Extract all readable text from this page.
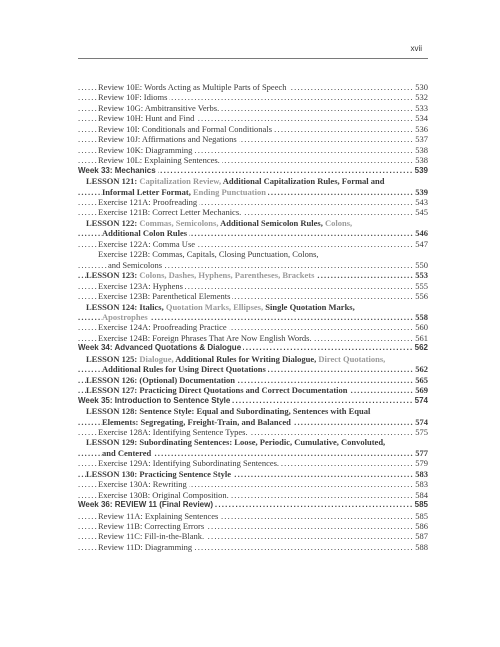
xvii
Review 10E: Words Acting as Multiple Parts of Speech	530
.....
Review 10F: Idioms	532
.....
Review 10G: Ambitransitive Verbs.	533
.....
Review 10H: Hunt and Find	534
.....
Review 10I: Conditionals and Formal Conditionals	536
.....
Review 10J: Affirmations and Negations	537
.....
Review 10K: Diagramming	538
.....
Review 10L: Explaining Sentences.	538
.....
Week 33: Mechanics	539
.....
LESSON 121: Capitalization Review, Additional Capitalization Rules, Formal and
Informal Letter Format, Ending Punctuation	539
.....
Exercise 121A: Proofreading	543
.....
Exercise 121B: Correct Letter Mechanics.	545
.....
LESSON 122: Commas, Semicolons, Additional Semicolon Rules, Colons,
Additional Colon Rules	546
.....
Exercise 122A: Comma Use	547
.....
Exercise 122B: Commas, Capitals, Closing Punctuation, Colons,
and Semicolons	550
.....
LESSON 123: Colons, Dashes, Hyphens, Parentheses, Brackets	553
.....
Exercise 123A: Hyphens	555
.....
Exercise 123B: Parenthetical Elements	556
.....
LESSON 124: Italics, Quotation Marks, Ellipses, Single Quotation Marks,
Apostrophes	558
.....
Exercise 124A: Proofreading Practice	560
.....
Exercise 124B: Foreign Phrases That Are Now English Words.	561
.....
Week 34: Advanced Quotations & Dialogue	562
.....
LESSON 125: Dialogue, Additional Rules for Writing Dialogue, Direct Quotations,
Additional Rules for Using Direct Quotations	562
.....
LESSON 126: (Optional) Documentation	565
.....
LESSON 127: Practicing Direct Quotations and Correct Documentation	569
.....
Week 35: Introduction to Sentence Style	574
.....
LESSON 128: Sentence Style: Equal and Subordinating, Sentences with Equal
Elements: Segregating, Freight-Train, and Balanced	574
.....
Exercise 128A: Identifying Sentence Types.	575
.....
LESSON 129: Subordinating Sentences: Loose, Periodic, Cumulative, Convoluted,
and Centered	577
.....
Exercise 129A: Identifying Subordinating Sentences.	579
.....
LESSON 130: Practicing Sentence Style	583
.....
Exercise 130A: Rewriting	583
.....
Exercise 130B: Original Composition.	584
.....
Week 36: REVIEW 11 (Final Review)	585
.....
Review 11A: Explaining Sentences	585
.....
Review 11B: Correcting Errors	586
.....
Review 11C: Fill-in-the-Blank.	587
.....
Review 11D: Diagramming	588
.....
